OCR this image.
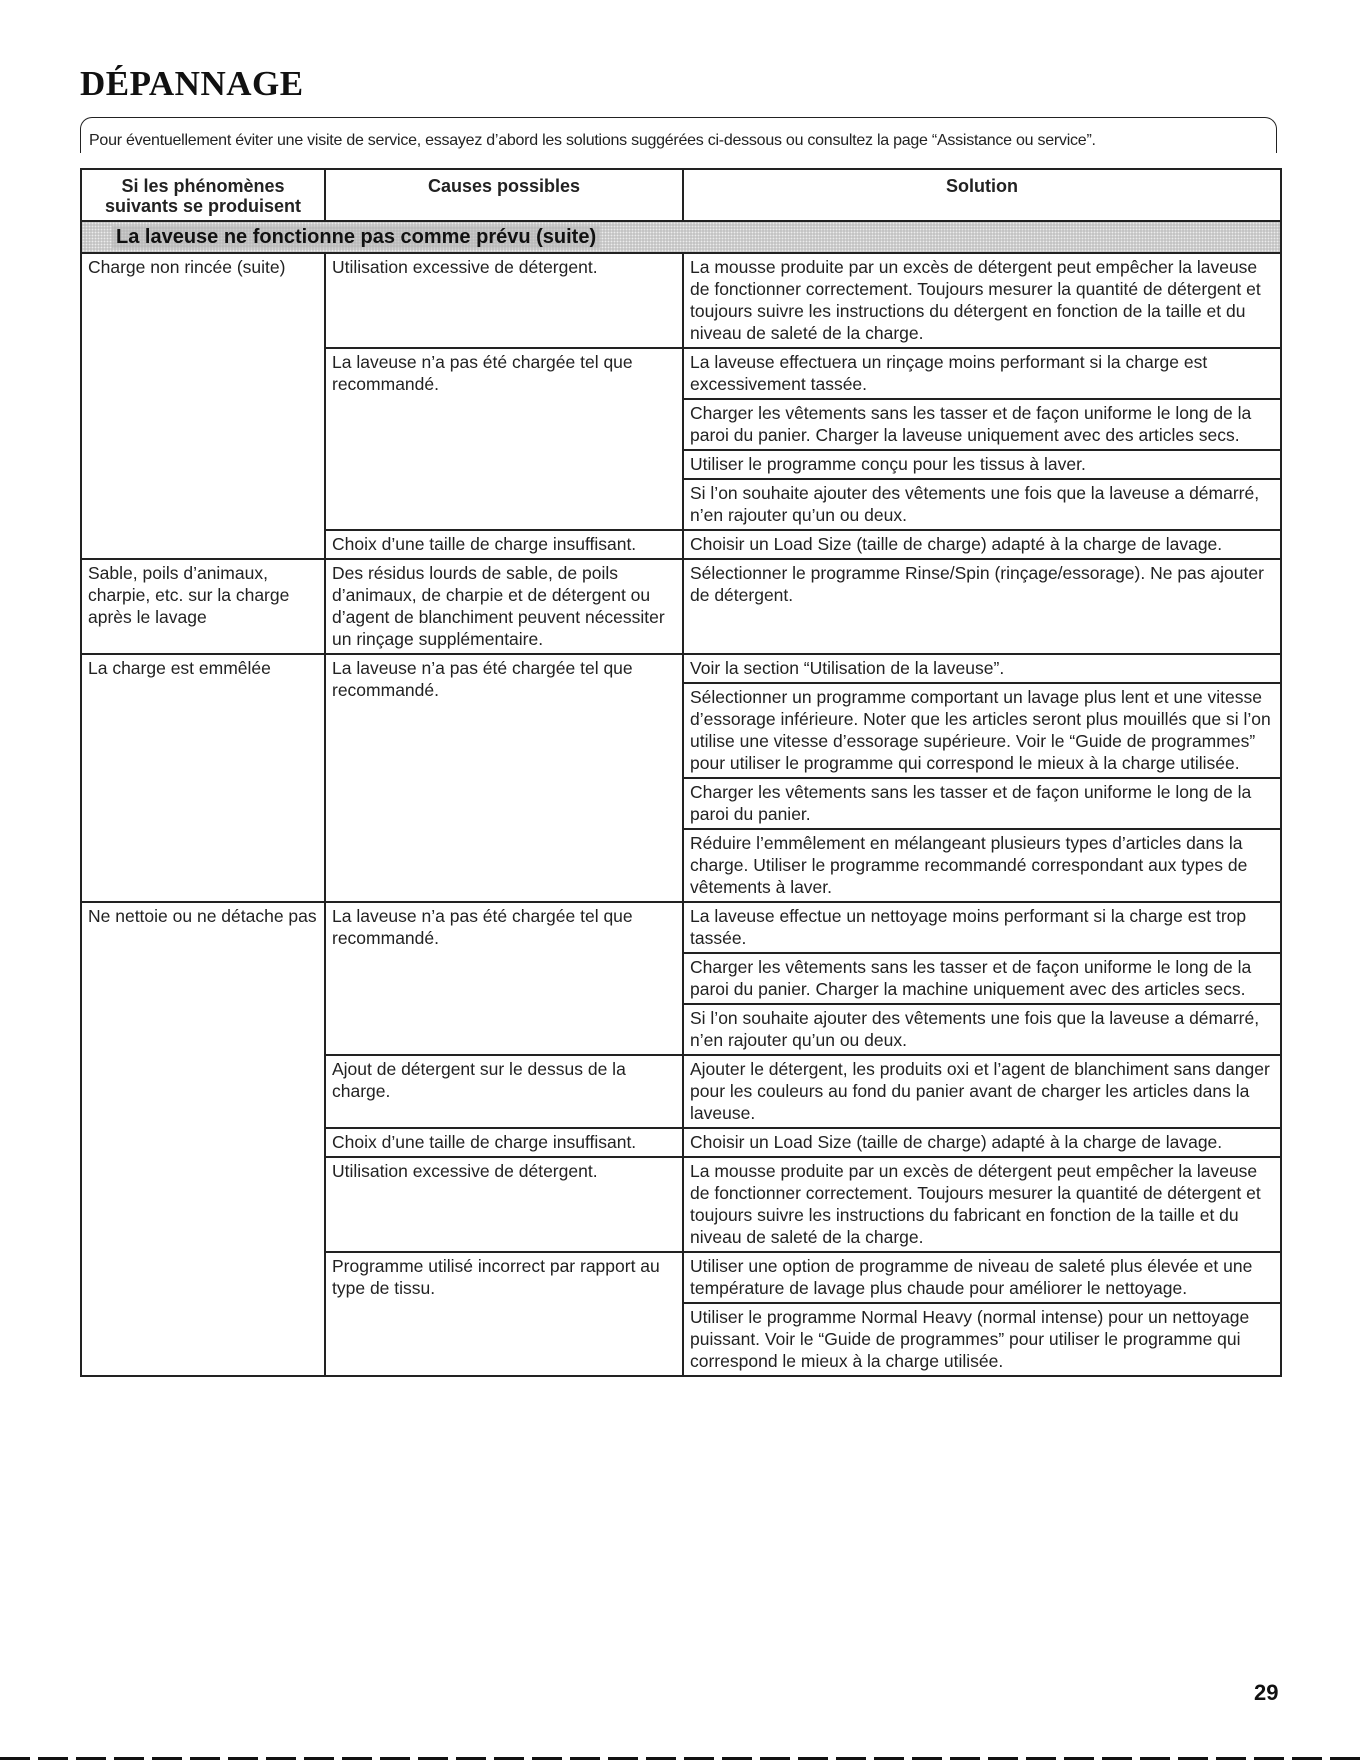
DÉPANNAGE
Pour éventuellement éviter une visite de service, essayez d’abord les solutions suggérées ci-dessous ou consultez la page “Assistance ou service”.
Si les phénomènes suivants se produisent	Causes possibles	Solution
La laveuse ne fonctionne pas comme prévu (suite)		
Charge non rincée (suite)	Utilisation excessive de détergent.	La mousse produite par un excès de détergent peut empêcher la laveuse de fonctionner correctement. Toujours mesurer la quantité de détergent et toujours suivre les instructions du détergent en fonction de la taille et du niveau de saleté de la charge.
	La laveuse n’a pas été chargée tel que recommandé.	La laveuse effectuera un rinçage moins performant si la charge est excessivement tassée.
		Charger les vêtements sans les tasser et de façon uniforme le long de la paroi du panier. Charger la laveuse uniquement avec des articles secs.
		Utiliser le programme conçu pour les tissus à laver.
		Si l’on souhaite ajouter des vêtements une fois que la laveuse a démarré, n’en rajouter qu’un ou deux.
	Choix d’une taille de charge insuffisant.	Choisir un Load Size (taille de charge) adapté à la charge de lavage.
Sable, poils d’animaux, charpie, etc. sur la charge après le lavage	Des résidus lourds de sable, de poils d’animaux, de charpie et de détergent ou d’agent de blanchiment peuvent nécessiter un rinçage supplémentaire.	Sélectionner le programme Rinse/Spin (rinçage/essorage). Ne pas ajouter de détergent.
La charge est emmêlée	La laveuse n’a pas été chargée tel que recommandé.	Voir la section “Utilisation de la laveuse”.
		Sélectionner un programme comportant un lavage plus lent et une vitesse d’essorage inférieure. Noter que les articles seront plus mouillés que si l’on utilise une vitesse d’essorage supérieure. Voir le “Guide de programmes” pour utiliser le programme qui correspond le mieux à la charge utilisée.
		Charger les vêtements sans les tasser et de façon uniforme le long de la paroi du panier.
		Réduire l’emmêlement en mélangeant plusieurs types d’articles dans la charge. Utiliser le programme recommandé correspondant aux types de vêtements à laver.
Ne nettoie ou ne détache pas	La laveuse n’a pas été chargée tel que recommandé.	La laveuse effectue un nettoyage moins performant si la charge est trop tassée.
		Charger les vêtements sans les tasser et de façon uniforme le long de la paroi du panier. Charger la machine uniquement avec des articles secs.
		Si l’on souhaite ajouter des vêtements une fois que la laveuse a démarré, n’en rajouter qu’un ou deux.
	Ajout de détergent sur le dessus de la charge.	Ajouter le détergent, les produits oxi et l’agent de blanchiment sans danger pour les couleurs au fond du panier avant de charger les articles dans la laveuse.
	Choix d’une taille de charge insuffisant.	Choisir un Load Size (taille de charge) adapté à la charge de lavage.
	Utilisation excessive de détergent.	La mousse produite par un excès de détergent peut empêcher la laveuse de fonctionner correctement. Toujours mesurer la quantité de détergent et toujours suivre les instructions du fabricant en fonction de la taille et du niveau de saleté de la charge.
	Programme utilisé incorrect par rapport au type de tissu.	Utiliser une option de programme de niveau de saleté plus élevée et une température de lavage plus chaude pour améliorer le nettoyage.
		Utiliser le programme Normal Heavy (normal intense) pour un nettoyage puissant. Voir le “Guide de programmes” pour utiliser le programme qui correspond le mieux à la charge utilisée.
29
